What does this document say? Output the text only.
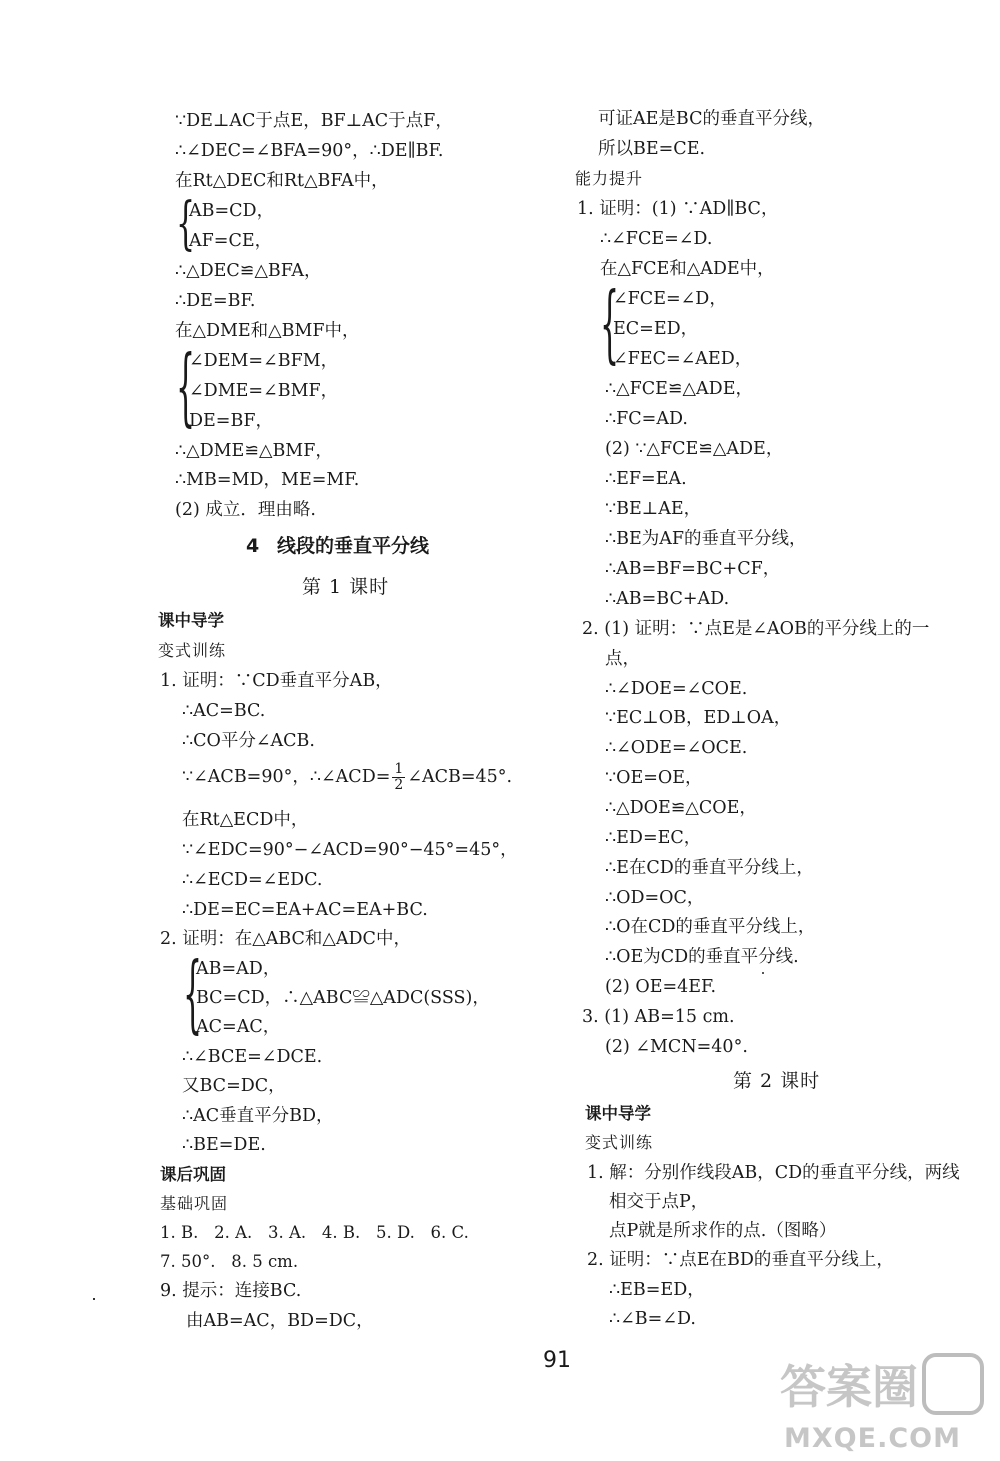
∵DE⊥AC于点E，BF⊥AC于点F，
∴∠DEC=∠BFA=90°，∴DE∥BF.
在Rt△DEC和Rt△BFA中，
{
AB=CD，
AF=CE，
∴△DEC≌△BFA，
∴DE=BF.
在△DME和△BMF中，
{
∠DEM=∠BFM，
∠DME=∠BMF，
DE=BF，
∴△DME≌△BMF，
∴MB=MD，ME=MF.
(2) 成立．理由略.
4 线段的垂直平分线
第 1 课时
课中导学
变式训练
1. 证明：∵CD垂直平分AB，
∴AC=BC.
∴CO平分∠ACB.
∵∠ACB=90°，∴∠ACD= $\frac{1}{2}$ ∠ACB=45°.
在Rt△ECD中，
∵∠EDC=90°−∠ACD=90°−45°=45°，
∴∠ECD=∠EDC.
∴DE=EC=EA+AC=EA+BC.
2. 证明：在△ABC和△ADC中，
{
AB=AD，
BC=CD，∴△ABC≌△ADC(SSS)，
AC=AC，
∴∠BCE=∠DCE.
又BC=DC，
∴AC垂直平分BD，
∴BE=DE.
课后巩固
基础巩固
1. B.   2. A.   3. A.   4. B.   5. D.   6. C.
7. 50°.   8. 5 cm.
9. 提示：连接BC.
由AB=AC，BD=DC，
可证AE是BC的垂直平分线，
所以BE=CE.
能力提升
1. 证明：(1) ∵AD∥BC，
∴∠FCE=∠D.
在△FCE和△ADE中，
{
∠FCE=∠D，
EC=ED，
∠FEC=∠AED，
∴△FCE≌△ADE，
∴FC=AD.
(2) ∵△FCE≌△ADE，
∴EF=EA.
∵BE⊥AE，
∴BE为AF的垂直平分线，
∴AB=BF=BC+CF，
∴AB=BC+AD.
2. (1) 证明：∵点E是∠AOB的平分线上的一
点，
∴∠DOE=∠COE.
∵EC⊥OB，ED⊥OA，
∴∠ODE=∠OCE.
∵OE=OE，
∴△DOE≌△COE，
∴ED=EC，
∴E在CD的垂直平分线上，
∴OD=OC，
∴O在CD的垂直平分线上，
∴OE为CD的垂直平分线.
(2) OE=4EF.
3. (1) AB=15 cm.
(2) ∠MCN=40°.
第 2 课时
课中导学
变式训练
1. 解：分别作线段AB，CD的垂直平分线，两线
相交于点P，
点P就是所求作的点.（图略）
2. 证明：∵点E在BD的垂直平分线上，
∴EB=ED，
∴∠B=∠D.
91	答案圈
MXQE.COM
